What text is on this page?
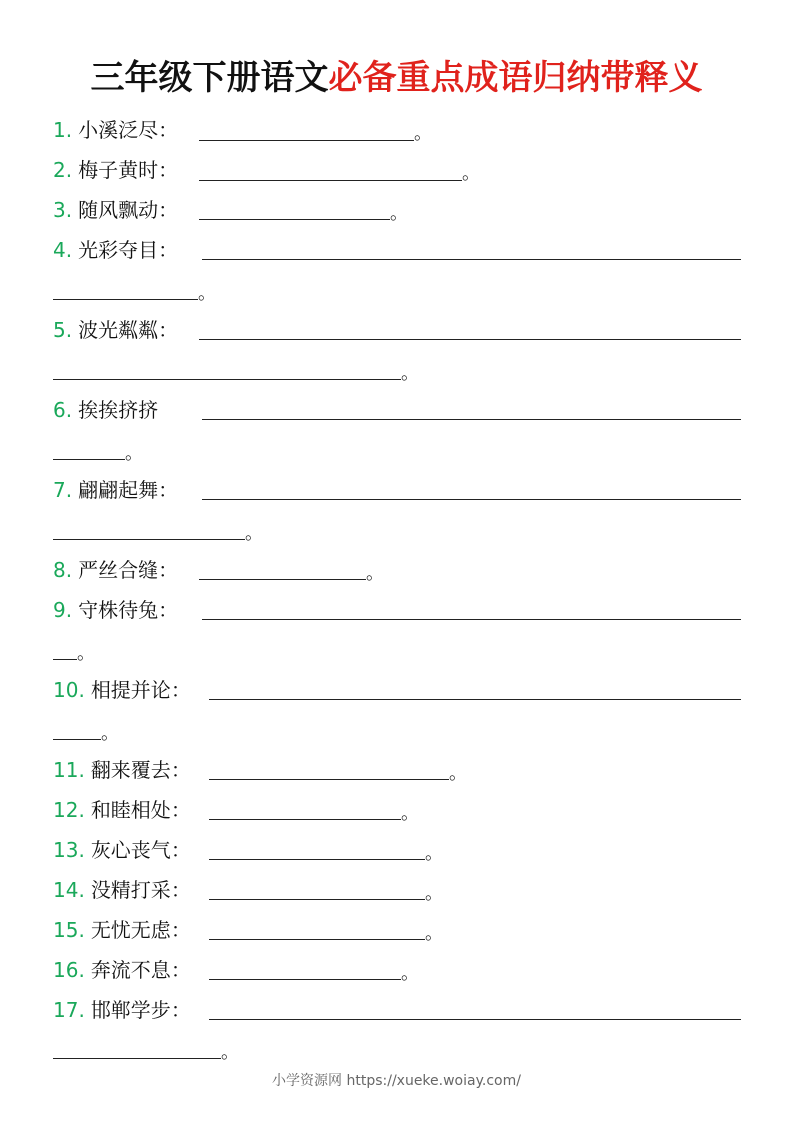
三年级下册语文必备重点成语归纳带释义
1. 小溪泛尽：	。
2. 梅子黄时：	。
3. 随风飘动：	。
4. 光彩夺目：
。
5. 波光粼粼：
。
6. 挨挨挤挤
。
7. 翩翩起舞：
。
8. 严丝合缝：	。
9. 守株待兔：
。
10. 相提并论：
。
11. 翻来覆去：	。
12. 和睦相处：	。
13. 灰心丧气：	。
14. 没精打采：	。
15. 无忧无虑：	。
16. 奔流不息：	。
17. 邯郸学步：
。
小学资源网 https://xueke.woiay.com/
